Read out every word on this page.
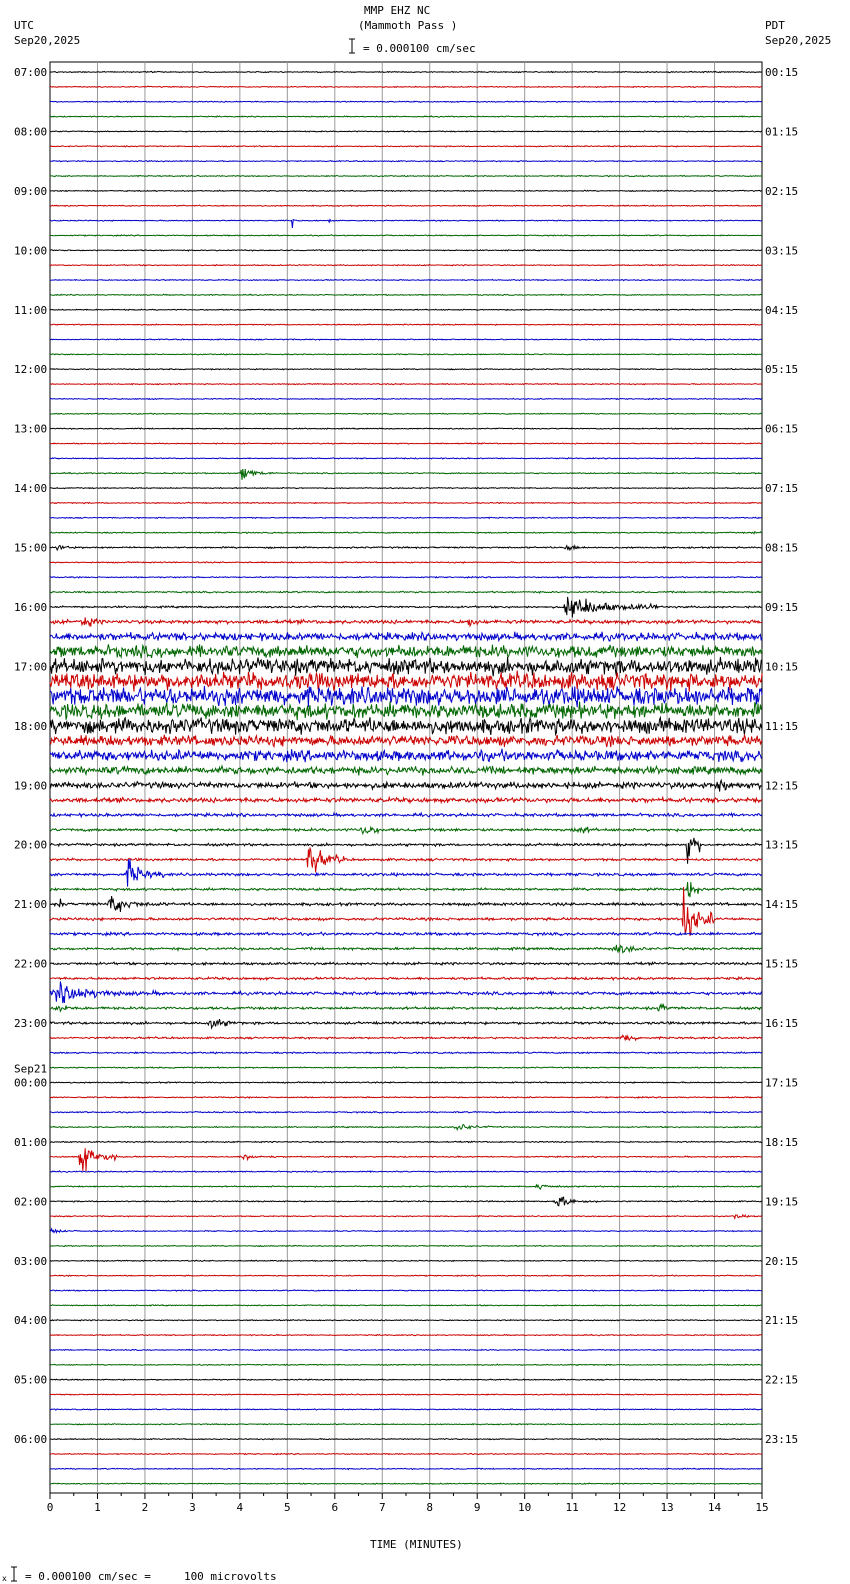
MMP EHZ NC
(Mammoth Pass )
= 0.000100 cm/sec
UTC
Sep20,2025
PDT
Sep20,2025
07:00
08:00
09:00
10:00
11:00
12:00
13:00
14:00
15:00
16:00
17:00
18:00
19:00
20:00
21:00
22:00
23:00
00:00
Sep21
01:00
02:00
03:00
04:00
05:00
06:00
00:15
01:15
02:15
03:15
04:15
05:15
06:15
07:15
08:15
09:15
10:15
11:15
12:15
13:15
14:15
15:15
16:15
17:15
18:15
19:15
20:15
21:15
22:15
23:15
0	1	2	3	4	5	6	7	8	9	10	11	12	13	14	15
TIME (MINUTES)
x = 0.000100 cm/sec =     100 microvolts
